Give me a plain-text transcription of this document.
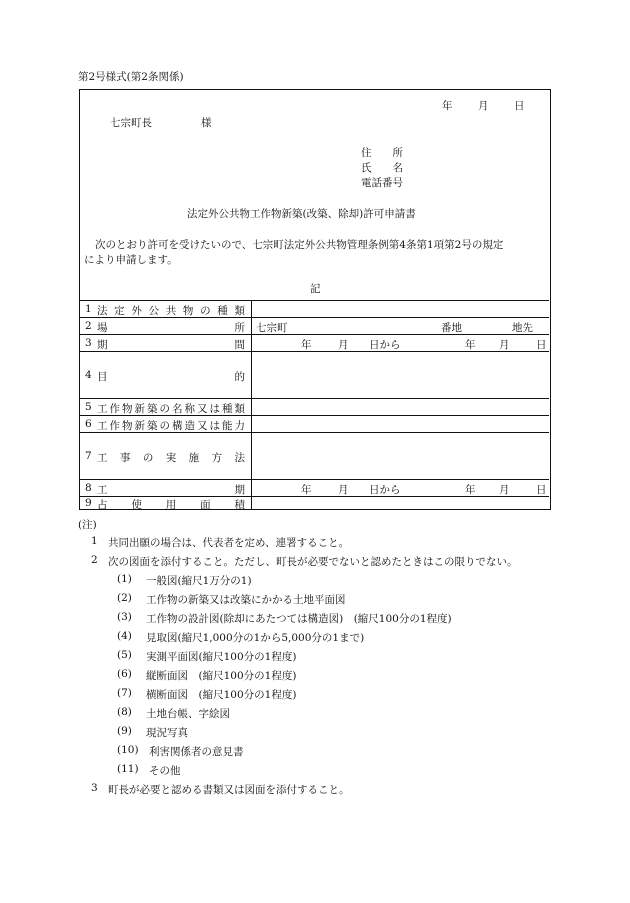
第2号様式(第2条関係)
年 月 日
七宗町長	様
住　　所
氏　　名
電話番号
法定外公共物工作物新築(改築、除却)許可申請書
次のとおり許可を受けたいので、七宗町法定外公共物管理条例第4条第1項第2号の規定
により申請します。
記
1 法定外公共物の種類
2 場所 七宗町	番地	地先
3 期間	年	月 日から	年 月	日
4 目的
5 工作物新築の名称又は種類
6 工作物新築の構造又は能力
7 工事の実施方法
8 工期	年	月 日から	年 月	日
9 占使用面積
(注)
1 共同出願の場合は、代表者を定め、連署すること。
2 次の図面を添付すること。ただし、町長が必要でないと認めたときはこの限りでない。
(1) 一般図(縮尺1万分の1)
(2) 工作物の新築又は改築にかかる土地平面図
(3) 工作物の設計図(除却にあたつては構造図)　(縮尺100分の1程度)
(4) 見取図(縮尺1,000分の1から5,000分の1まで)
(5) 実測平面図(縮尺100分の1程度)
(6) 縦断面図　(縮尺100分の1程度)
(7) 横断面図　(縮尺100分の1程度)
(8) 土地台帳、字絵図
(9) 現況写真
(10) 利害関係者の意見書
(11) その他
3 町長が必要と認める書類又は図面を添付すること。
